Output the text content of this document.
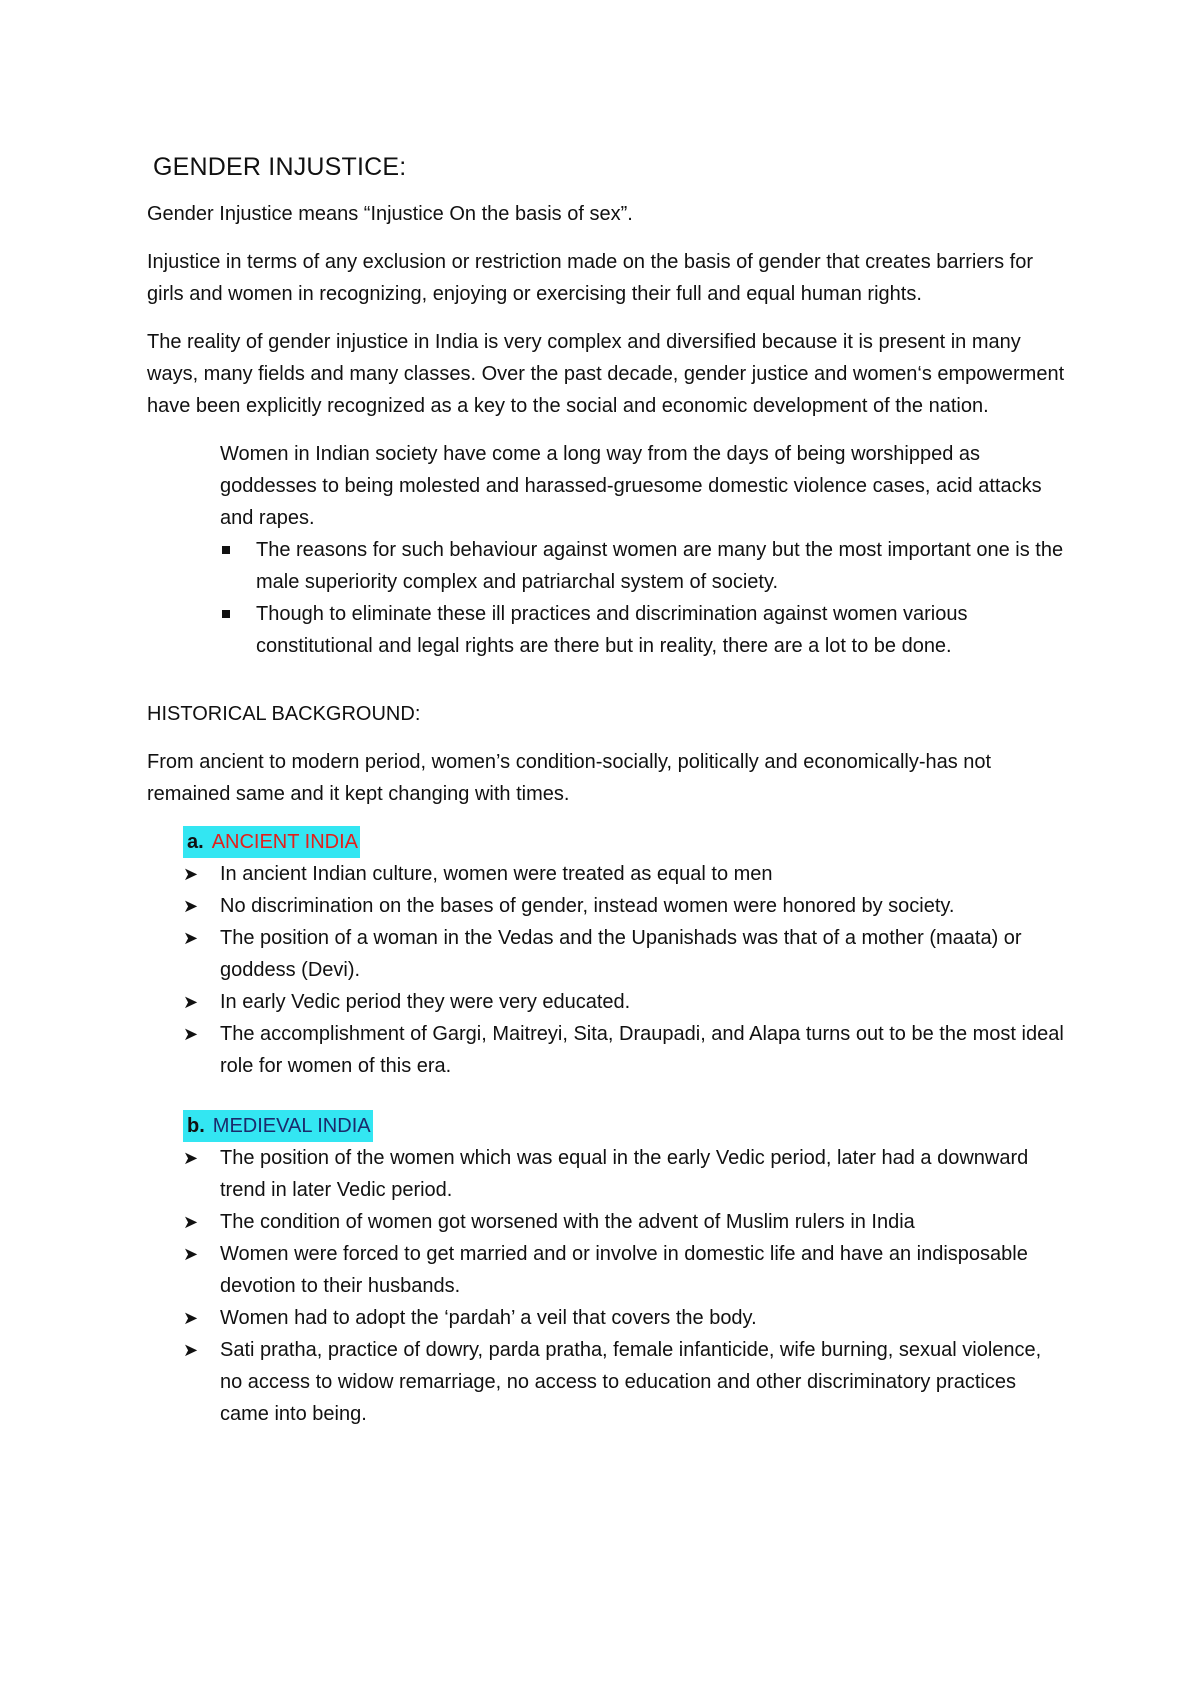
GENDER INJUSTICE:

Gender Injustice means “Injustice On the basis of sex”.

Injustice in terms of any exclusion or restriction made on the basis of gender that creates barriers for girls and women in recognizing, enjoying or exercising their full and equal human rights.

The reality of gender injustice in India is very complex and diversified because it is present in many ways, many fields and many classes. Over the past decade, gender justice and women‘s empowerment have been explicitly recognized as a key to the social and economic development of the nation.

Women in Indian society have come a long way from the days of being worshipped as goddesses to being molested and harassed-gruesome domestic violence cases, acid attacks and rapes.

The reasons for such behaviour against women are many but the most important one is the male superiority complex and patriarchal system of society.
Though to eliminate these ill practices and discrimination against women various constitutional and legal rights are there but in reality, there are a lot to be done.

HISTORICAL BACKGROUND:

From ancient to modern period, women’s condition-socially, politically and economically-has not remained same and it kept changing with times.

a. ANCIENT INDIA
➤ In ancient Indian culture, women were treated as equal to men
➤ No discrimination on the bases of gender, instead women were honored by society.
➤ The position of a woman in the Vedas and the Upanishads was that of a mother (maata) or goddess (Devi).
➤ In early Vedic period they were very educated.
➤ The accomplishment of Gargi, Maitreyi, Sita, Draupadi, and Alapa turns out to be the most ideal role for women of this era.
b. MEDIEVAL INDIA
➤ The position of the women which was equal in the early Vedic period, later had a downward trend in later Vedic period.
➤ The condition of women got worsened with the advent of Muslim rulers in India
➤ Women were forced to get married and or involve in domestic life and have an indisposable devotion to their husbands.
➤ Women had to adopt the ‘pardah’ a veil that covers the body.
➤ Sati pratha, practice of dowry, parda pratha, female infanticide, wife burning, sexual violence, no access to widow remarriage, no access to education and other discriminatory practices came into being.
